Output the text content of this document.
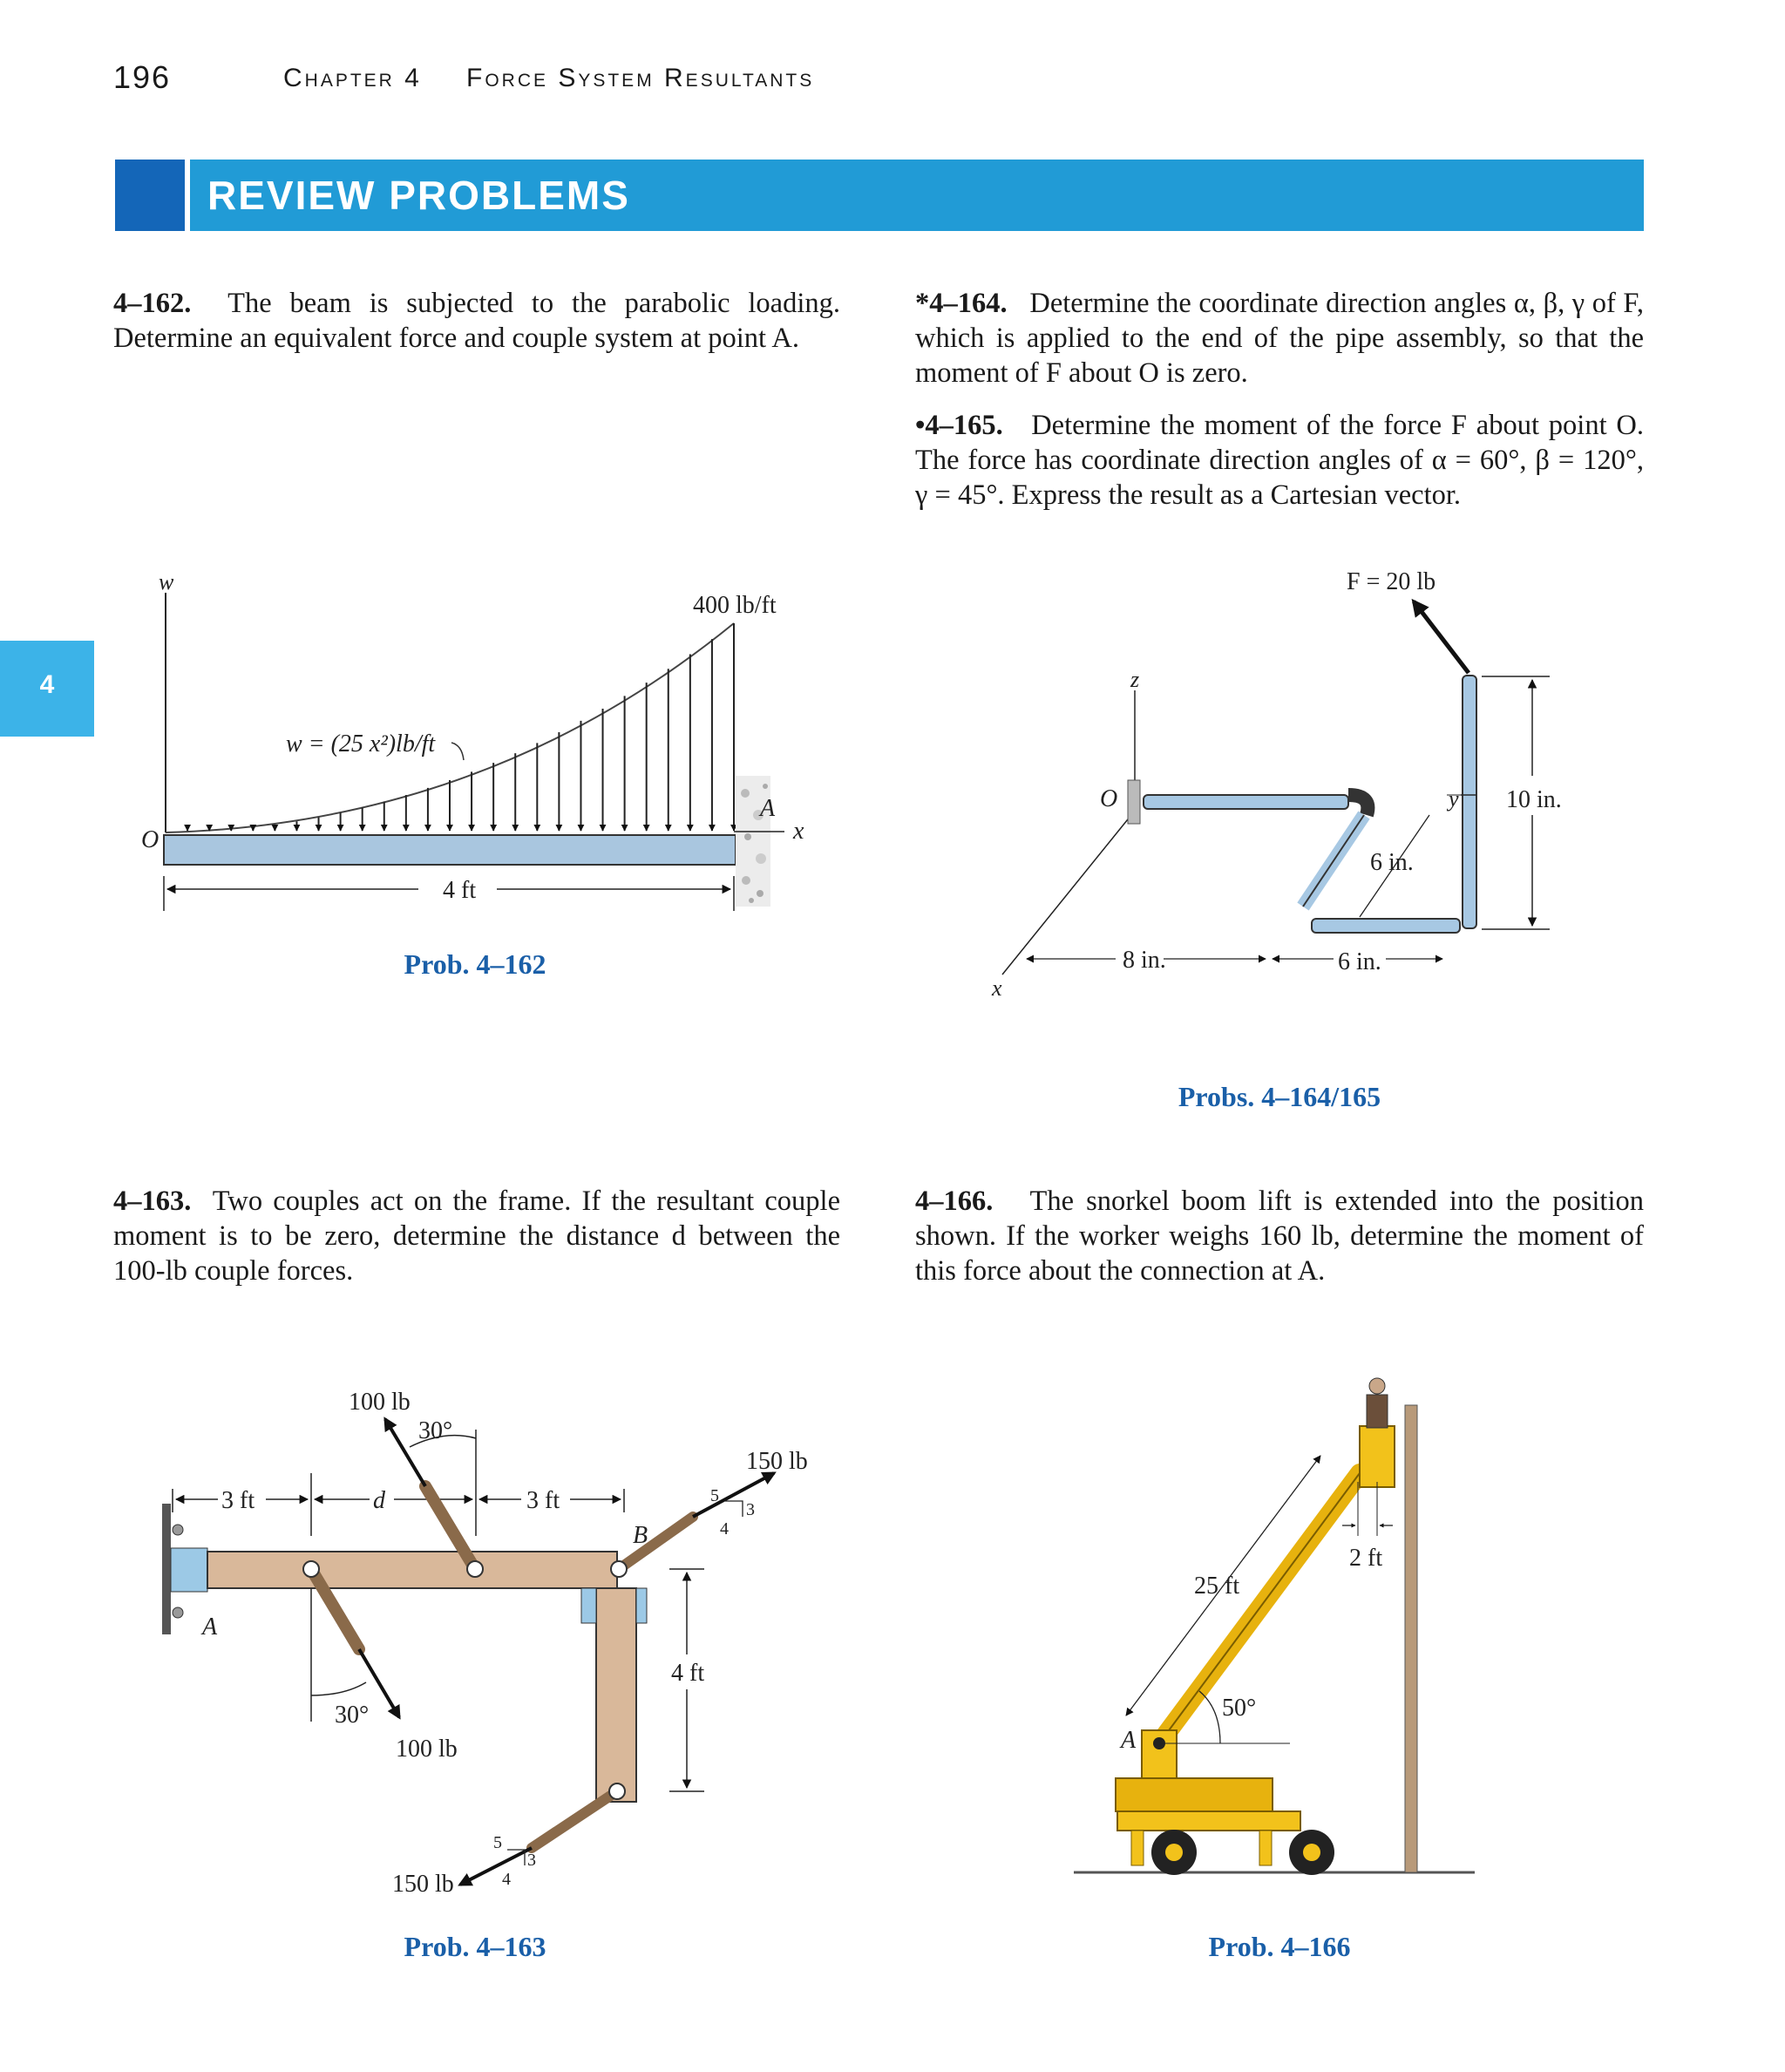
196	Chapter 4 Force System Resultants
REVIEW PROBLEMS
4
4–162. The beam is subjected to the parabolic loading. Determine an equivalent force and couple system at point A.
4–163. Two couples act on the frame. If the resultant couple moment is to be zero, determine the distance d between the 100-lb couple forces.
*4–164. Determine the coordinate direction angles α, β, γ of F, which is applied to the end of the pipe assembly, so that the moment of F about O is zero.
•4–165. Determine the moment of the force F about point O. The force has coordinate direction angles of α = 60°, β = 120°, γ = 45°. Express the result as a Cartesian vector.
4–166. The snorkel boom lift is extended into the position shown. If the worker weighs 160 lb, determine the moment of this force about the connection at A.
Prob. 4–162
Prob. 4–163
Probs. 4–164/165
Prob. 4–166
w
400 lb/ft
w = (25 x²)lb/ft
O
A
x
4 ft
A
B
3 ft	d	3 ft
100 lb
30°
30°
100 lb
150 lb
5
3
4
4 ft
150 lb
5
3
4
z
x
O	y
F = 20 lb
10 in.
6 in.
8 in.	6 in.
A
25 ft
50°
2 ft
